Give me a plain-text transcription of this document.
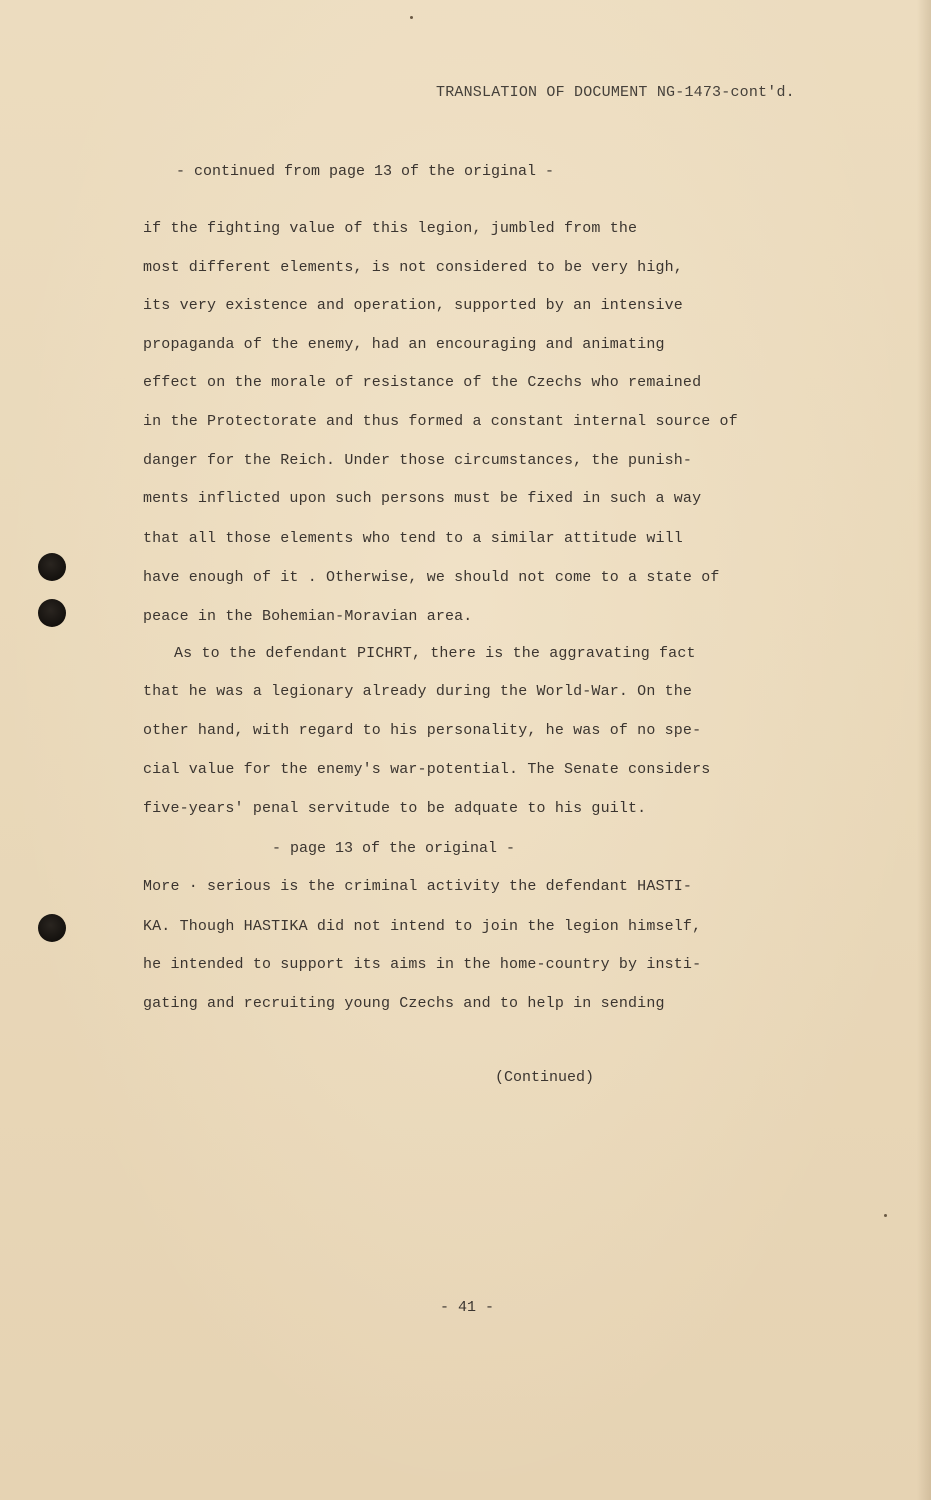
TRANSLATION OF DOCUMENT NG-1473-cont'd.
- continued from page 13 of the original -
if the fighting value of this legion, jumbled from the
most different elements, is not considered to be very high,
its very existence and operation, supported by an intensive
propaganda of the enemy, had an encouraging and animating
effect on the morale of resistance of the Czechs who remained
in the Protectorate and thus formed a constant internal source of
danger for the Reich. Under those circumstances, the punish-
ments inflicted upon such persons must be fixed in such a way
that all those elements who tend to a similar attitude will
have enough of it . Otherwise, we should not come to a state of
peace in the Bohemian-Moravian area.
As to the defendant PICHRT, there is the aggravating fact
that he was a legionary already during the World-War. On the
other hand, with regard to his personality, he was of no spe-
cial value for the enemy's war-potential. The Senate considers
five-years' penal servitude to be adquate to his guilt.
- page 13 of the original -
More · serious is the criminal activity the defendant HASTI-
KA. Though HASTIKA did not intend to join the legion himself,
he intended to support its aims in the home-country by insti-
gating and recruiting young Czechs and to help in sending
(Continued)
- 41 -
